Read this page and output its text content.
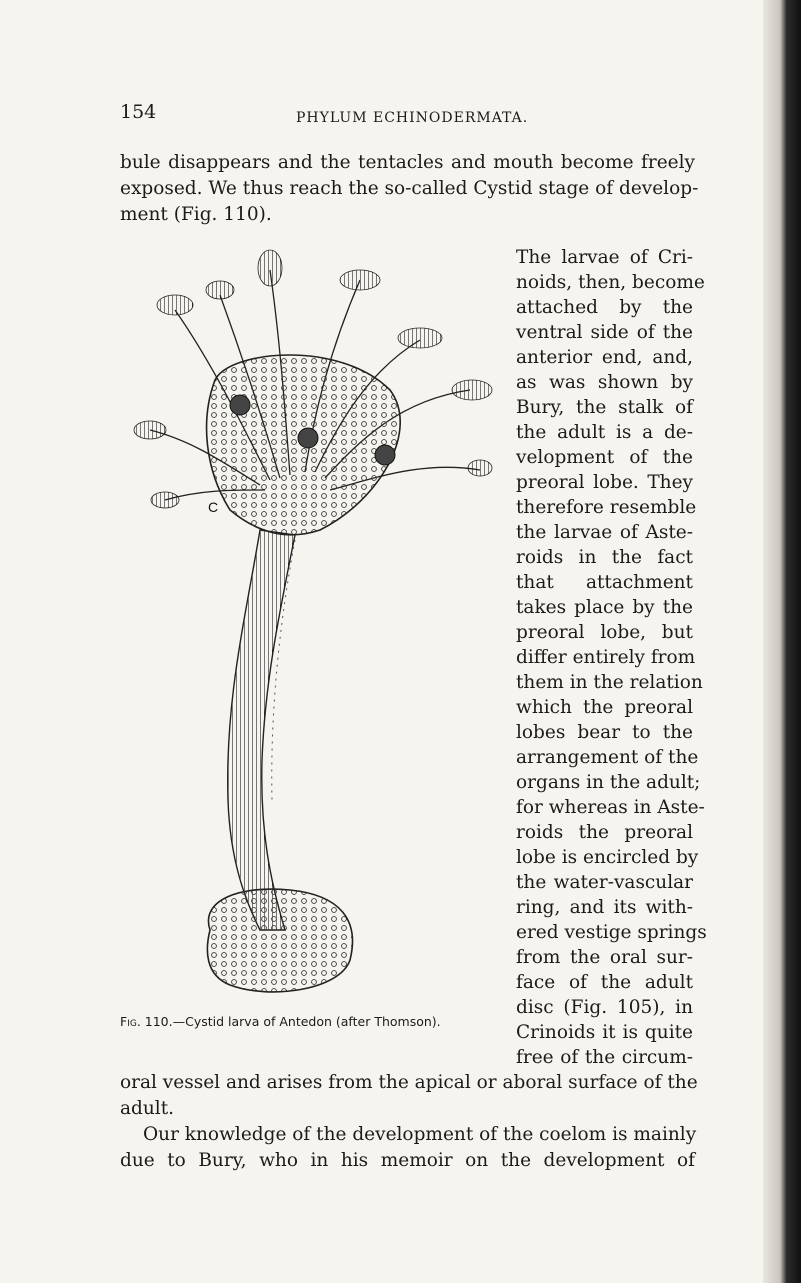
154	PHYLUM ECHINODERMATA.
bule disappears and the tentacles and mouth become freely
exposed. We thus reach the so-called Cystid stage of develop-
ment (Fig. 110).
C
Fig. 110.—Cystid larva of Antedon (after Thomson).
The larvae of Cri-
noids, then, become
attached by the
ventral side of the
anterior end, and,
as was shown by
Bury, the stalk of
the adult is a de-
velopment of the
preoral lobe. They
therefore resemble
the larvae of Aste-
roids in the fact
that attachment
takes place by the
preoral lobe, but
differ entirely from
them in the relation
which the preoral
lobes bear to the
arrangement of the
organs in the adult;
for whereas in Aste-
roids the preoral
lobe is encircled by
the water-vascular
ring, and its with-
ered vestige springs
from the oral sur-
face of the adult
disc (Fig. 105), in
Crinoids it is quite
free of the circum-
oral vessel and arises from the apical or aboral surface of the
adult.
Our knowledge of the development of the coelom is mainly
due to Bury, who in his memoir on the development of
